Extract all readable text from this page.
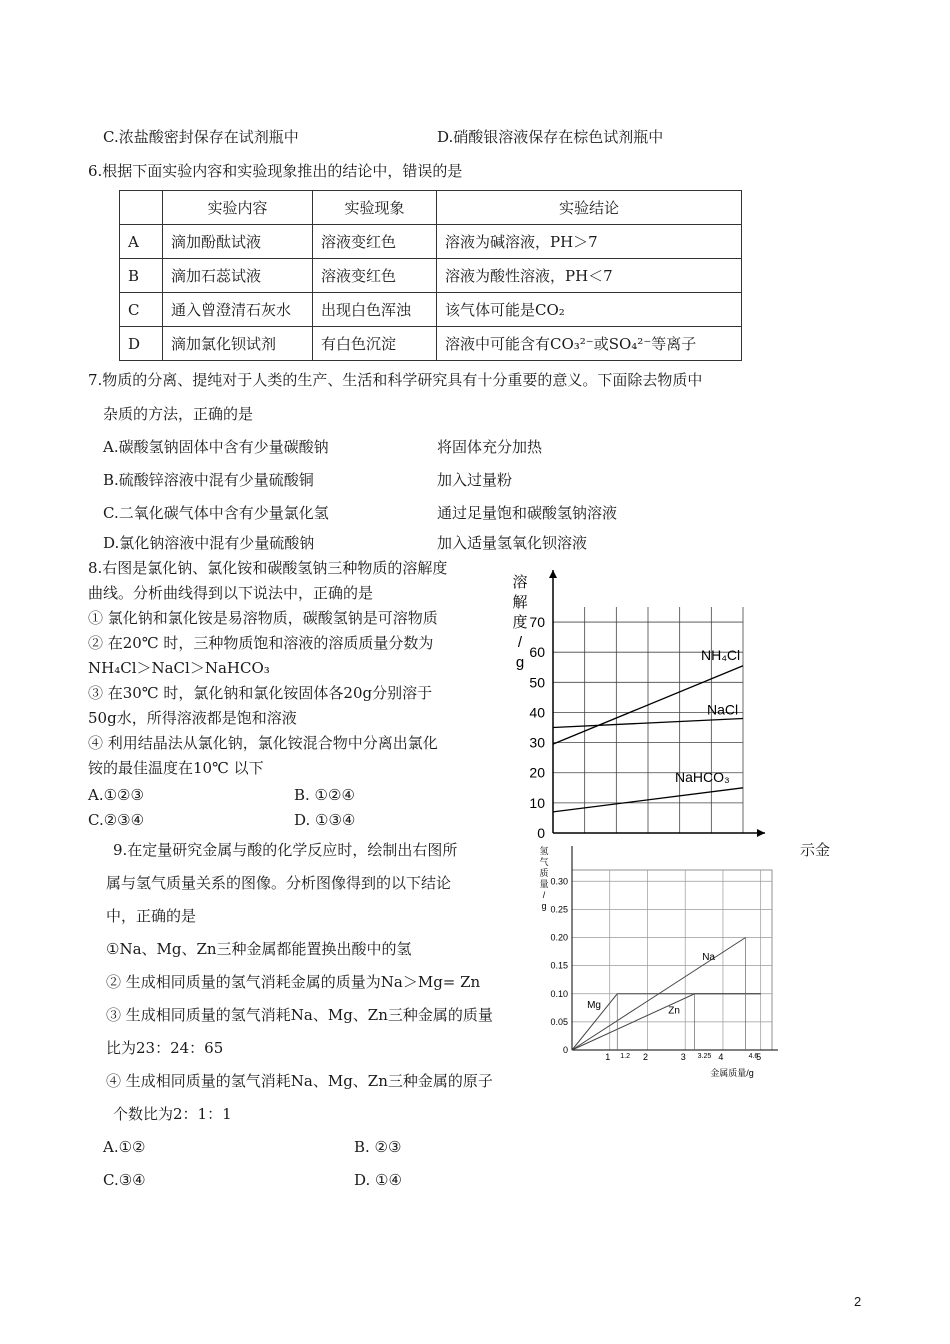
C.浓盐酸密封保存在试剂瓶中	D.硝酸银溶液保存在棕色试剂瓶中
6.根据下面实验内容和实验现象推出的结论中，错误的是
	实验内容	实验现象	实验结论
A	滴加酚酞试液	溶液变红色	溶液为碱溶液，PH＞7
B	滴加石蕊试液	溶液变红色	溶液为酸性溶液，PH＜7
C	通入曾澄清石灰水	出现白色浑浊	该气体可能是CO₂
D	滴加氯化钡试剂	有白色沉淀	溶液中可能含有CO₃²⁻或SO₄²⁻等离子
7.物质的分离、提纯对于人类的生产、生活和科学研究具有十分重要的意义。下面除去物质中
杂质的方法，正确的是
A.碳酸氢钠固体中含有少量碳酸钠	将固体充分加热
B.硫酸锌溶液中混有少量硫酸铜	加入过量粉
C.二氧化碳气体中含有少量氯化氢	通过足量饱和碳酸氢钠溶液
D.氯化钠溶液中混有少量硫酸钠	加入适量氢氧化钡溶液
8.右图是氯化钠、氯化铵和碳酸氢钠三种物质的溶解度
曲线。分析曲线得到以下说法中，正确的是
① 氯化钠和氯化铵是易溶物质，碳酸氢钠是可溶物质
② 在20℃ 时，三种物质饱和溶液的溶质质量分数为
NH₄Cl＞NaCl＞NaHCO₃
③ 在30℃ 时，氯化钠和氯化铵固体各20g分别溶于
50g水，所得溶液都是饱和溶液
④ 利用结晶法从氯化钠，氯化铵混合物中分离出氯化
铵的最佳温度在10℃ 以下
A.①②③	B. ①②④
C.②③④	D. ①③④
0
10
20
30
40
50
60
70
溶
解
度
/
g	NH₄Cl
NaCl
NaHCO₃
9.在定量研究金属与酸的化学反应时，绘制出右图所	示金
属与氢气质量关系的图像。分析图像得到的以下结论
中，正确的是
①Na、Mg、Zn三种金属都能置换出酸中的氢
② 生成相同质量的氢气消耗金属的质量为Na＞Mg= Zn
③ 生成相同质量的氢气消耗Na、Mg、Zn三种金属的质量
比为23：24：65
④ 生成相同质量的氢气消耗Na、Mg、Zn三种金属的原子
个数比为2：1：1
A.①②	B. ②③
C.③④	D. ①④
0.05
0.10
0.15
0.20
0.25
0.30
0
1 1.2 2	3 3.25 4	4.6
5
金属质量/g
氢
气
质
量
/
g
Mg
Zn
Na
2
